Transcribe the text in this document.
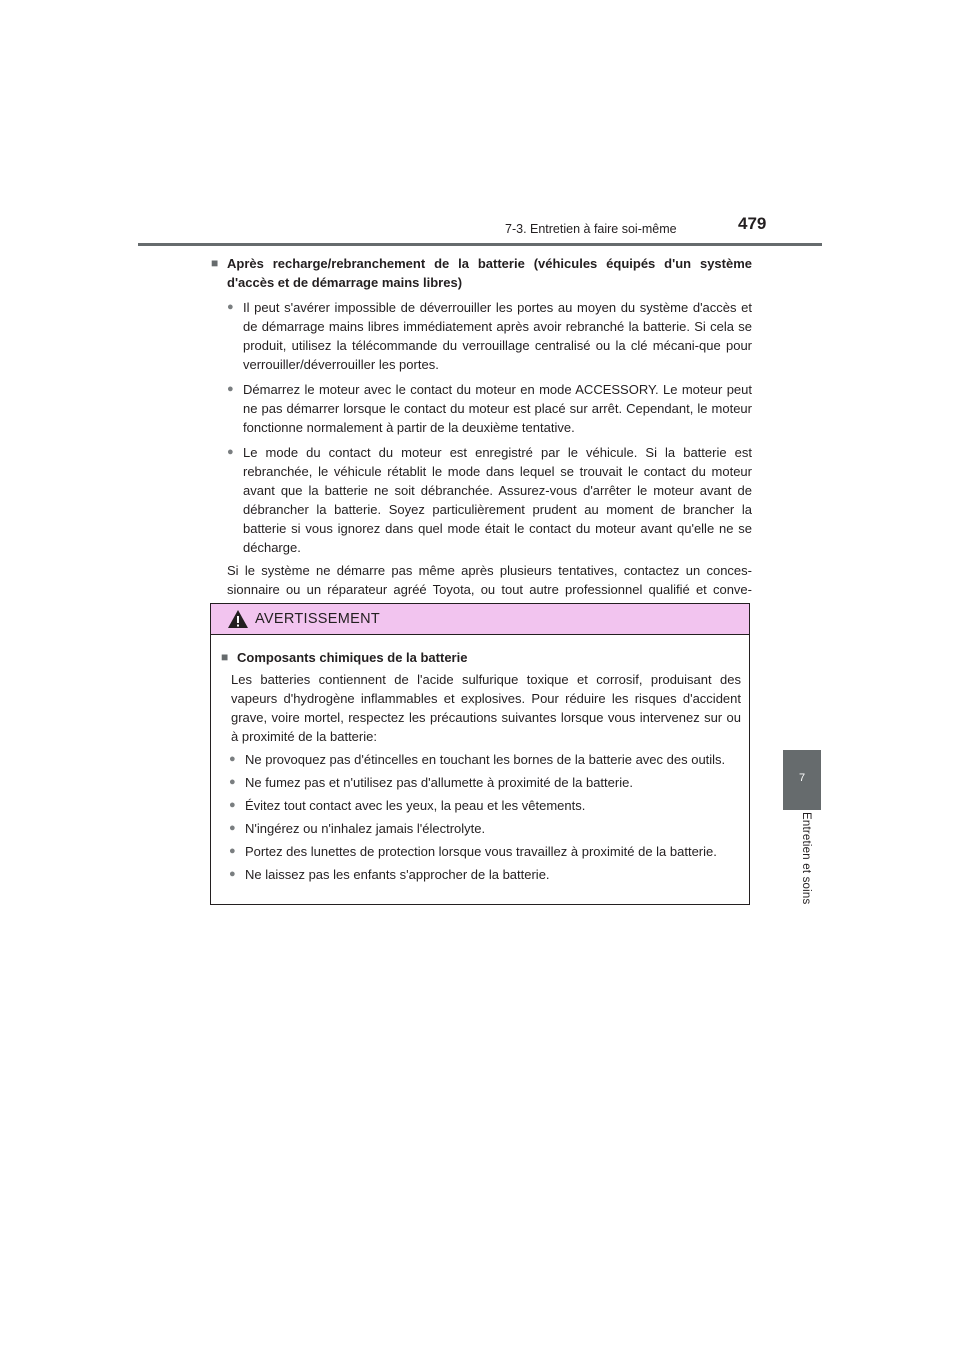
7-3. Entretien à faire soi-même	479
7
Entretien et soins
■ Après recharge/rebranchement de la batterie (véhicules équipés d'un système d'accès et de démarrage mains libres)
● Il peut s'avérer impossible de déverrouiller les portes au moyen du système d'accès et de démarrage mains libres immédiatement après avoir rebranché la batterie. Si cela se produit, utilisez la télécommande du verrouillage centralisé ou la clé mécani-que pour verrouiller/déverrouiller les portes.
● Démarrez le moteur avec le contact du moteur en mode ACCESSORY. Le moteur peut ne pas démarrer lorsque le contact du moteur est placé sur arrêt. Cependant, le moteur fonctionne normalement à partir de la deuxième tentative.
● Le mode du contact du moteur est enregistré par le véhicule. Si la batterie est rebranchée, le véhicule rétablit le mode dans lequel se trouvait le contact du moteur avant que la batterie ne soit débranchée. Assurez-vous d'arrêter le moteur avant de débrancher la batterie. Soyez particulièrement prudent au moment de brancher la batterie si vous ignorez dans quel mode était le contact du moteur avant qu'elle ne se décharge.
Si le système ne démarre pas même après plusieurs tentatives, contactez un conces-sionnaire ou un réparateur agréé Toyota, ou tout autre professionnel qualifié et conve-
AVERTISSEMENT
■ Composants chimiques de la batterie
Les batteries contiennent de l'acide sulfurique toxique et corrosif, produisant des vapeurs d'hydrogène inflammables et explosives. Pour réduire les risques d'accident grave, voire mortel, respectez les précautions suivantes lorsque vous intervenez sur ou à proximité de la batterie:
● Ne provoquez pas d'étincelles en touchant les bornes de la batterie avec des outils.
● Ne fumez pas et n'utilisez pas d'allumette à proximité de la batterie.
● Évitez tout contact avec les yeux, la peau et les vêtements.
● N'ingérez ou n'inhalez jamais l'électrolyte.
● Portez des lunettes de protection lorsque vous travaillez à proximité de la batterie.
● Ne laissez pas les enfants s'approcher de la batterie.
